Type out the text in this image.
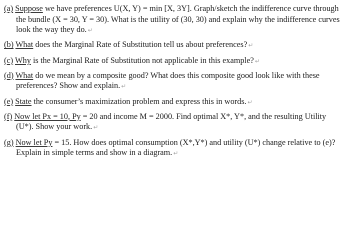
(a) Suppose we have preferences U(X, Y) = min [X, 3Y]. Graph/sketch the indifference curve through the bundle (X = 30, Y = 30). What is the utility of (30, 30) and explain why the indifference curves look the way they do.↵

(b) What does the Marginal Rate of Substitution tell us about preferences?↵

(c) Why is the Marginal Rate of Substitution not applicable in this example?↵

(d) What do we mean by a composite good? What does this composite good look like with these preferences? Show and explain.↵

(e) State the consumer’s maximization problem and express this in words.↵

(f) Now let Px = 10, Py = 20 and income M = 2000. Find optimal X*, Y*, and the resulting Utility (U*). Show your work.↵

(g) Now let Py = 15. How does optimal consumption (X*,Y*) and utility (U*) change relative to (e)? Explain in simple terms and show in a diagram.↵
